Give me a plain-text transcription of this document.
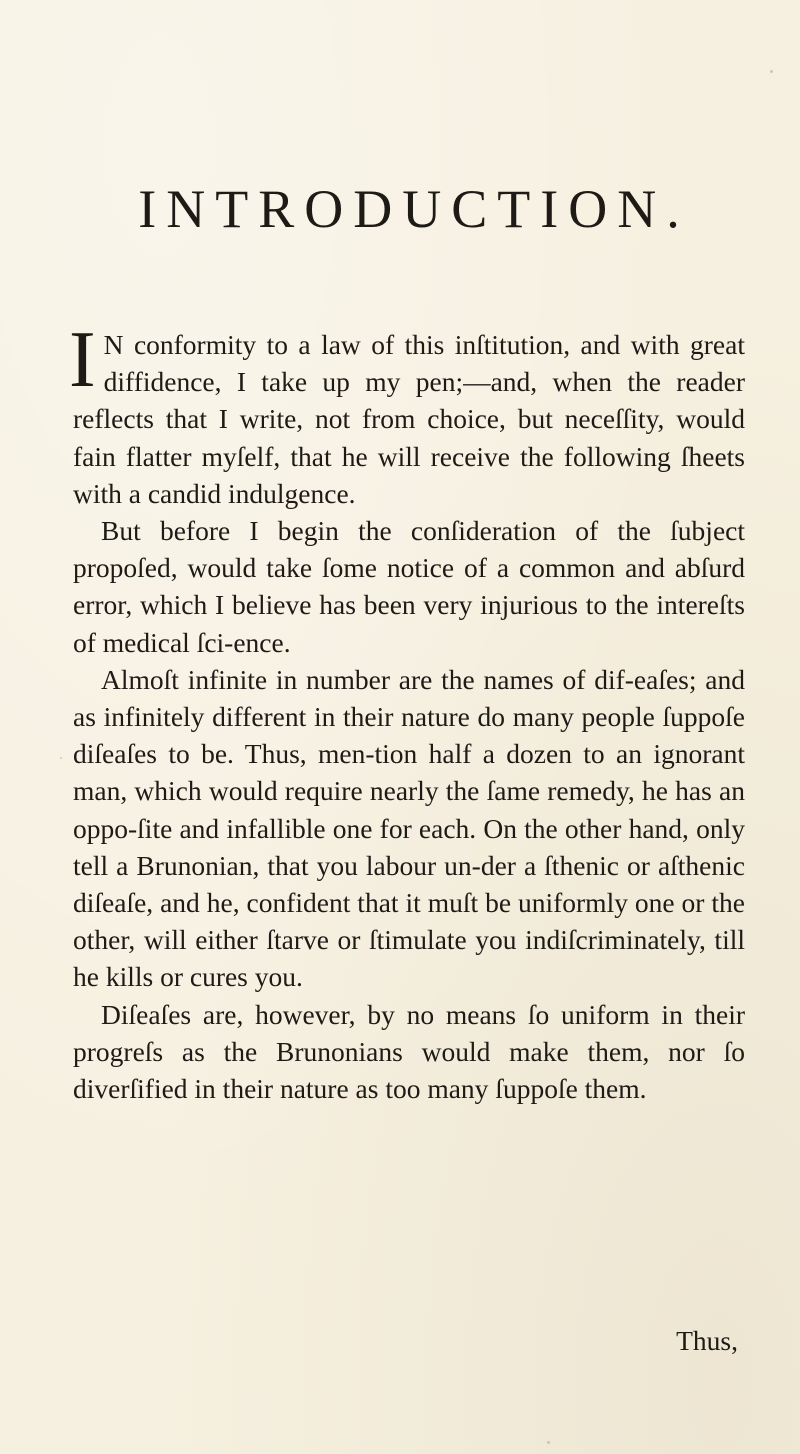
INTRODUCTION.

I N conformity to a law of this inſtitution, and with great diffidence, I take up my pen;—and, when the reader reflects that I write, not from choice, but neceſſity, would fain flatter myſelf, that he will receive the following ſheets with a candid indulgence.

But before I begin the conſideration of the ſubject propoſed, would take ſome notice of a common and abſurd error, which I believe has been very injurious to the intereſts of medical ſci-ence.

Almoſt infinite in number are the names of dif-eaſes; and as infinitely different in their nature do many people ſuppoſe diſeaſes to be. Thus, men-tion half a dozen to an ignorant man, which would require nearly the ſame remedy, he has an oppo-ſite and infallible one for each. On the other hand, only tell a Brunonian, that you labour un-der a ſthenic or aſthenic diſeaſe, and he, confident that it muſt be uniformly one or the other, will either ſtarve or ſtimulate you indiſcriminately, till he kills or cures you.

Diſeaſes are, however, by no means ſo uniform in their progreſs as the Brunonians would make them, nor ſo diverſified in their nature as too many ſuppoſe them.

Thus,
